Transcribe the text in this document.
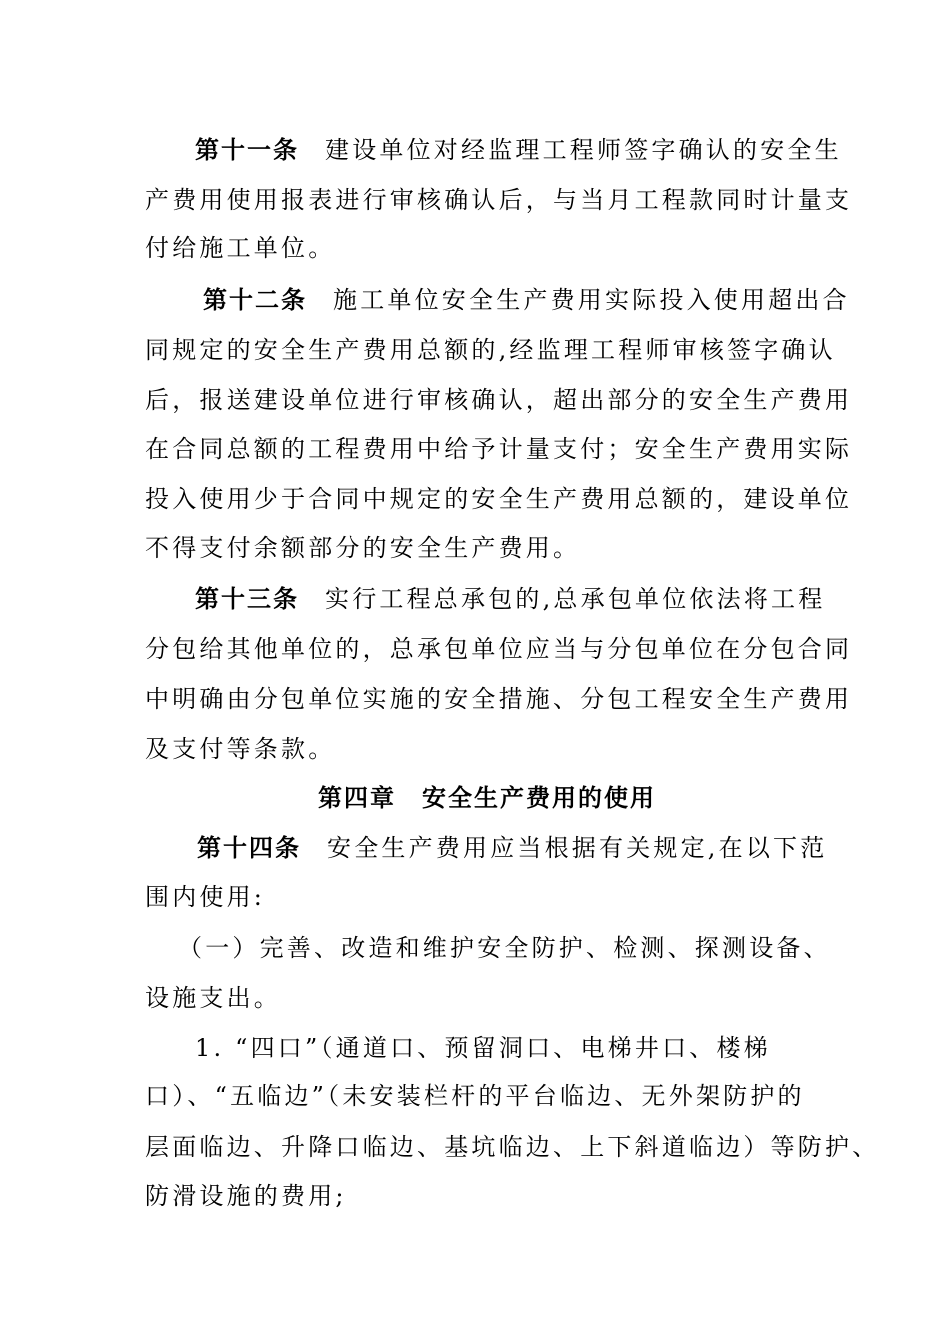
第十一条 建设单位对经监理工程师签字确认的安全生
产费用使用报表进行审核确认后，与当月工程款同时计量支
付给施工单位。
第十二条 施工单位安全生产费用实际投入使用超出合
同规定的安全生产费用总额的,经监理工程师审核签字确认
后，报送建设单位进行审核确认，超出部分的安全生产费用
在合同总额的工程费用中给予计量支付；安全生产费用实际
投入使用少于合同中规定的安全生产费用总额的，建设单位
不得支付余额部分的安全生产费用。
第十三条 实行工程总承包的,总承包单位依法将工程
分包给其他单位的，总承包单位应当与分包单位在分包合同
中明确由分包单位实施的安全措施、分包工程安全生产费用
及支付等条款。
第四章 安全生产费用的使用
第十四条 安全生产费用应当根据有关规定,在以下范
围内使用:
（一）完善、改造和维护安全防护、检测、探测设备、
设施支出。
1. “四口”（通道口、预留洞口、电梯井口、楼梯
口）、“五临边”（未安装栏杆的平台临边、无外架防护的
层面临边、升降口临边、基坑临边、上下斜道临边）等防护、
防滑设施的费用;
